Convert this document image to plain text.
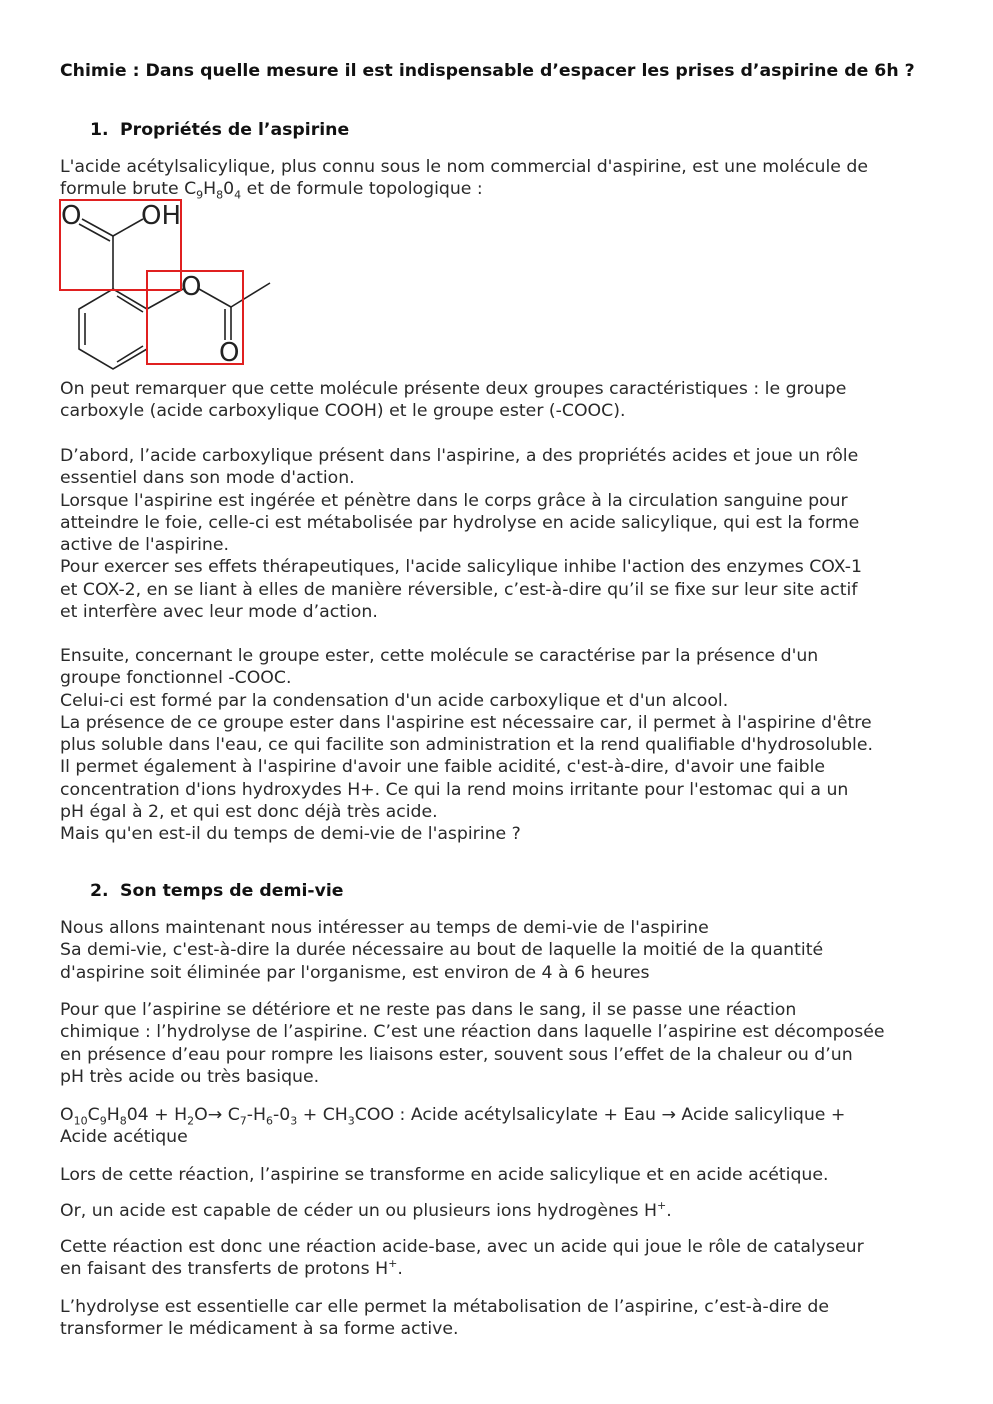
Chimie : Dans quelle mesure il est indispensable d’espacer les prises d’aspirine de 6h ?
1. Propriétés de l’aspirine
L'acide acétylsalicylique, plus connu sous le nom commercial d'aspirine, est une molécule de
formule brute $C_9H_80_4$ et de formule topologique :
O OH
O
O
On peut remarquer que cette molécule présente deux groupes caractéristiques : le groupe
carboxyle (acide carboxylique COOH) et le groupe ester (-COOC).
D’abord, l’acide carboxylique présent dans l'aspirine, a des propriétés acides et joue un rôle
essentiel dans son mode d'action.
Lorsque l'aspirine est ingérée et pénètre dans le corps grâce à la circulation sanguine pour
atteindre le foie, celle-ci est métabolisée par hydrolyse en acide salicylique, qui est la forme
active de l'aspirine.
Pour exercer ses effets thérapeutiques, l'acide salicylique inhibe l'action des enzymes COX-1
et COX-2, en se liant à elles de manière réversible, c’est-à-dire qu’il se fixe sur leur site actif
et interfère avec leur mode d’action.
Ensuite, concernant le groupe ester, cette molécule se caractérise par la présence d'un
groupe fonctionnel -COOC.
Celui-ci est formé par la condensation d'un acide carboxylique et d'un alcool.
La présence de ce groupe ester dans l'aspirine est nécessaire car, il permet à l'aspirine d'être
plus soluble dans l'eau, ce qui facilite son administration et la rend qualifiable d'hydrosoluble.
Il permet également à l'aspirine d'avoir une faible acidité, c'est-à-dire, d'avoir une faible
concentration d'ions hydroxydes H+. Ce qui la rend moins irritante pour l'estomac qui a un
pH égal à 2, et qui est donc déjà très acide.
Mais qu'en est-il du temps de demi-vie de l'aspirine ?
2. Son temps de demi-vie
Nous allons maintenant nous intéresser au temps de demi-vie de l'aspirine
Sa demi-vie, c'est-à-dire la durée nécessaire au bout de laquelle la moitié de la quantité
d'aspirine soit éliminée par l'organisme, est environ de 4 à 6 heures
Pour que l’aspirine se détériore et ne reste pas dans le sang, il se passe une réaction
chimique : l’hydrolyse de l’aspirine. C’est une réaction dans laquelle l’aspirine est décomposée
en présence d’eau pour rompre les liaisons ester, souvent sous l’effet de la chaleur ou d’un
pH très acide ou très basique.
$O_{10}C_9H_804 + H_2O\to C_7-H_6-0_3 + CH_3COO$ : Acide acétylsalicylate + Eau → Acide salicylique +
Acide acétique
Lors de cette réaction, l’aspirine se transforme en acide salicylique et en acide acétique.
Or, un acide est capable de céder un ou plusieurs ions hydrogènes H+.
Cette réaction est donc une réaction acide-base, avec un acide qui joue le rôle de catalyseur
en faisant des transferts de protons H+.
L’hydrolyse est essentielle car elle permet la métabolisation de l’aspirine, c’est-à-dire de
transformer le médicament à sa forme active.
